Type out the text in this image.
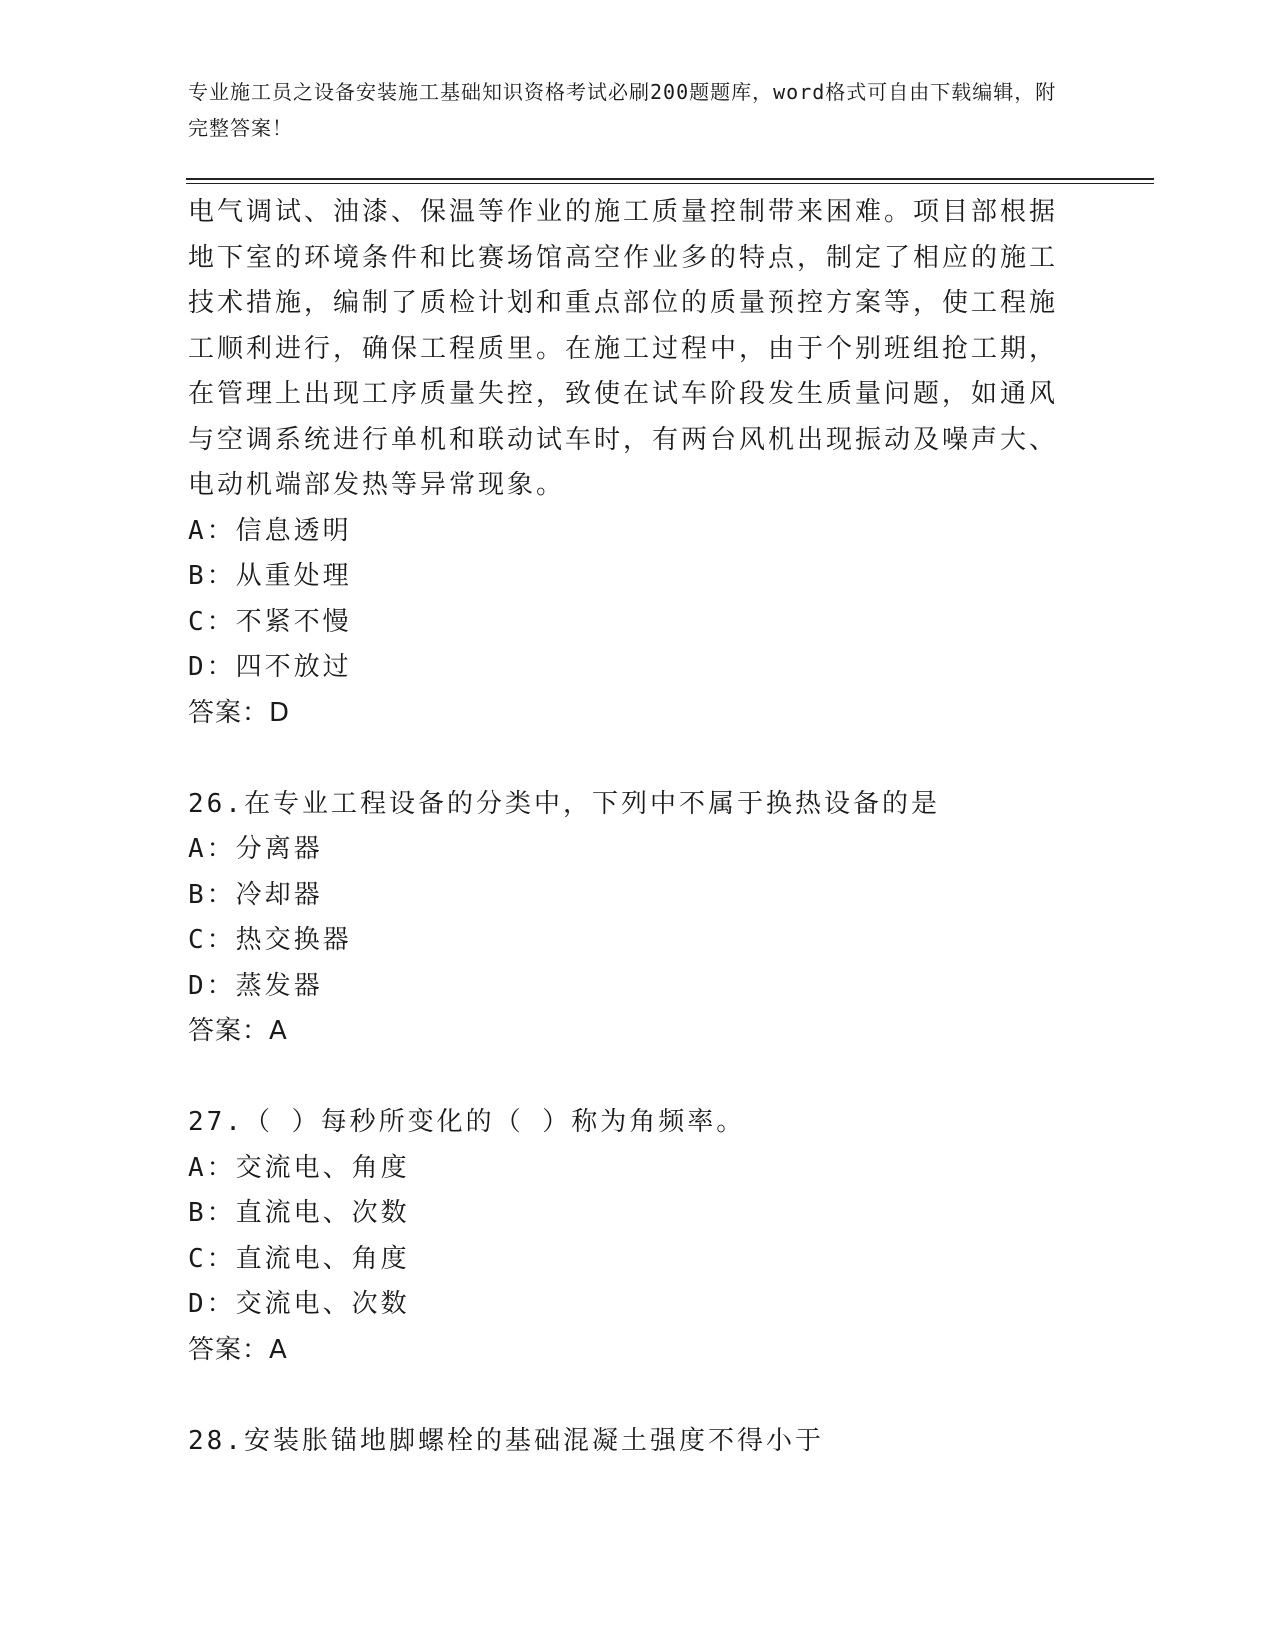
专业施工员之设备安装施工基础知识资格考试必刷200题题库，word格式可自由下载编辑，附完整答案！

电气调试、油漆、保温等作业的施工质量控制带来困难。项目部根据地下室的环境条件和比赛场馆高空作业多的特点，制定了相应的施工技术措施，编制了质检计划和重点部位的质量预控方案等，使工程施工顺利进行，确保工程质里。在施工过程中，由于个别班组抢工期，在管理上出现工序质量失控，致使在试车阶段发生质量问题，如通风与空调系统进行单机和联动试车时，有两台风机出现振动及噪声大、电动机端部发热等异常现象。

A：信息透明

B：从重处理

C：不紧不慢

D：四不放过

答案：D

26.在专业工程设备的分类中，下列中不属于换热设备的是

A：分离器

B：冷却器

C：热交换器

D：蒸发器

答案：A

27.（ ）每秒所变化的（ ）称为角频率。

A：交流电、角度

B：直流电、次数

C：直流电、角度

D：交流电、次数

答案：A

28.安装胀锚地脚螺栓的基础混凝土强度不得小于
